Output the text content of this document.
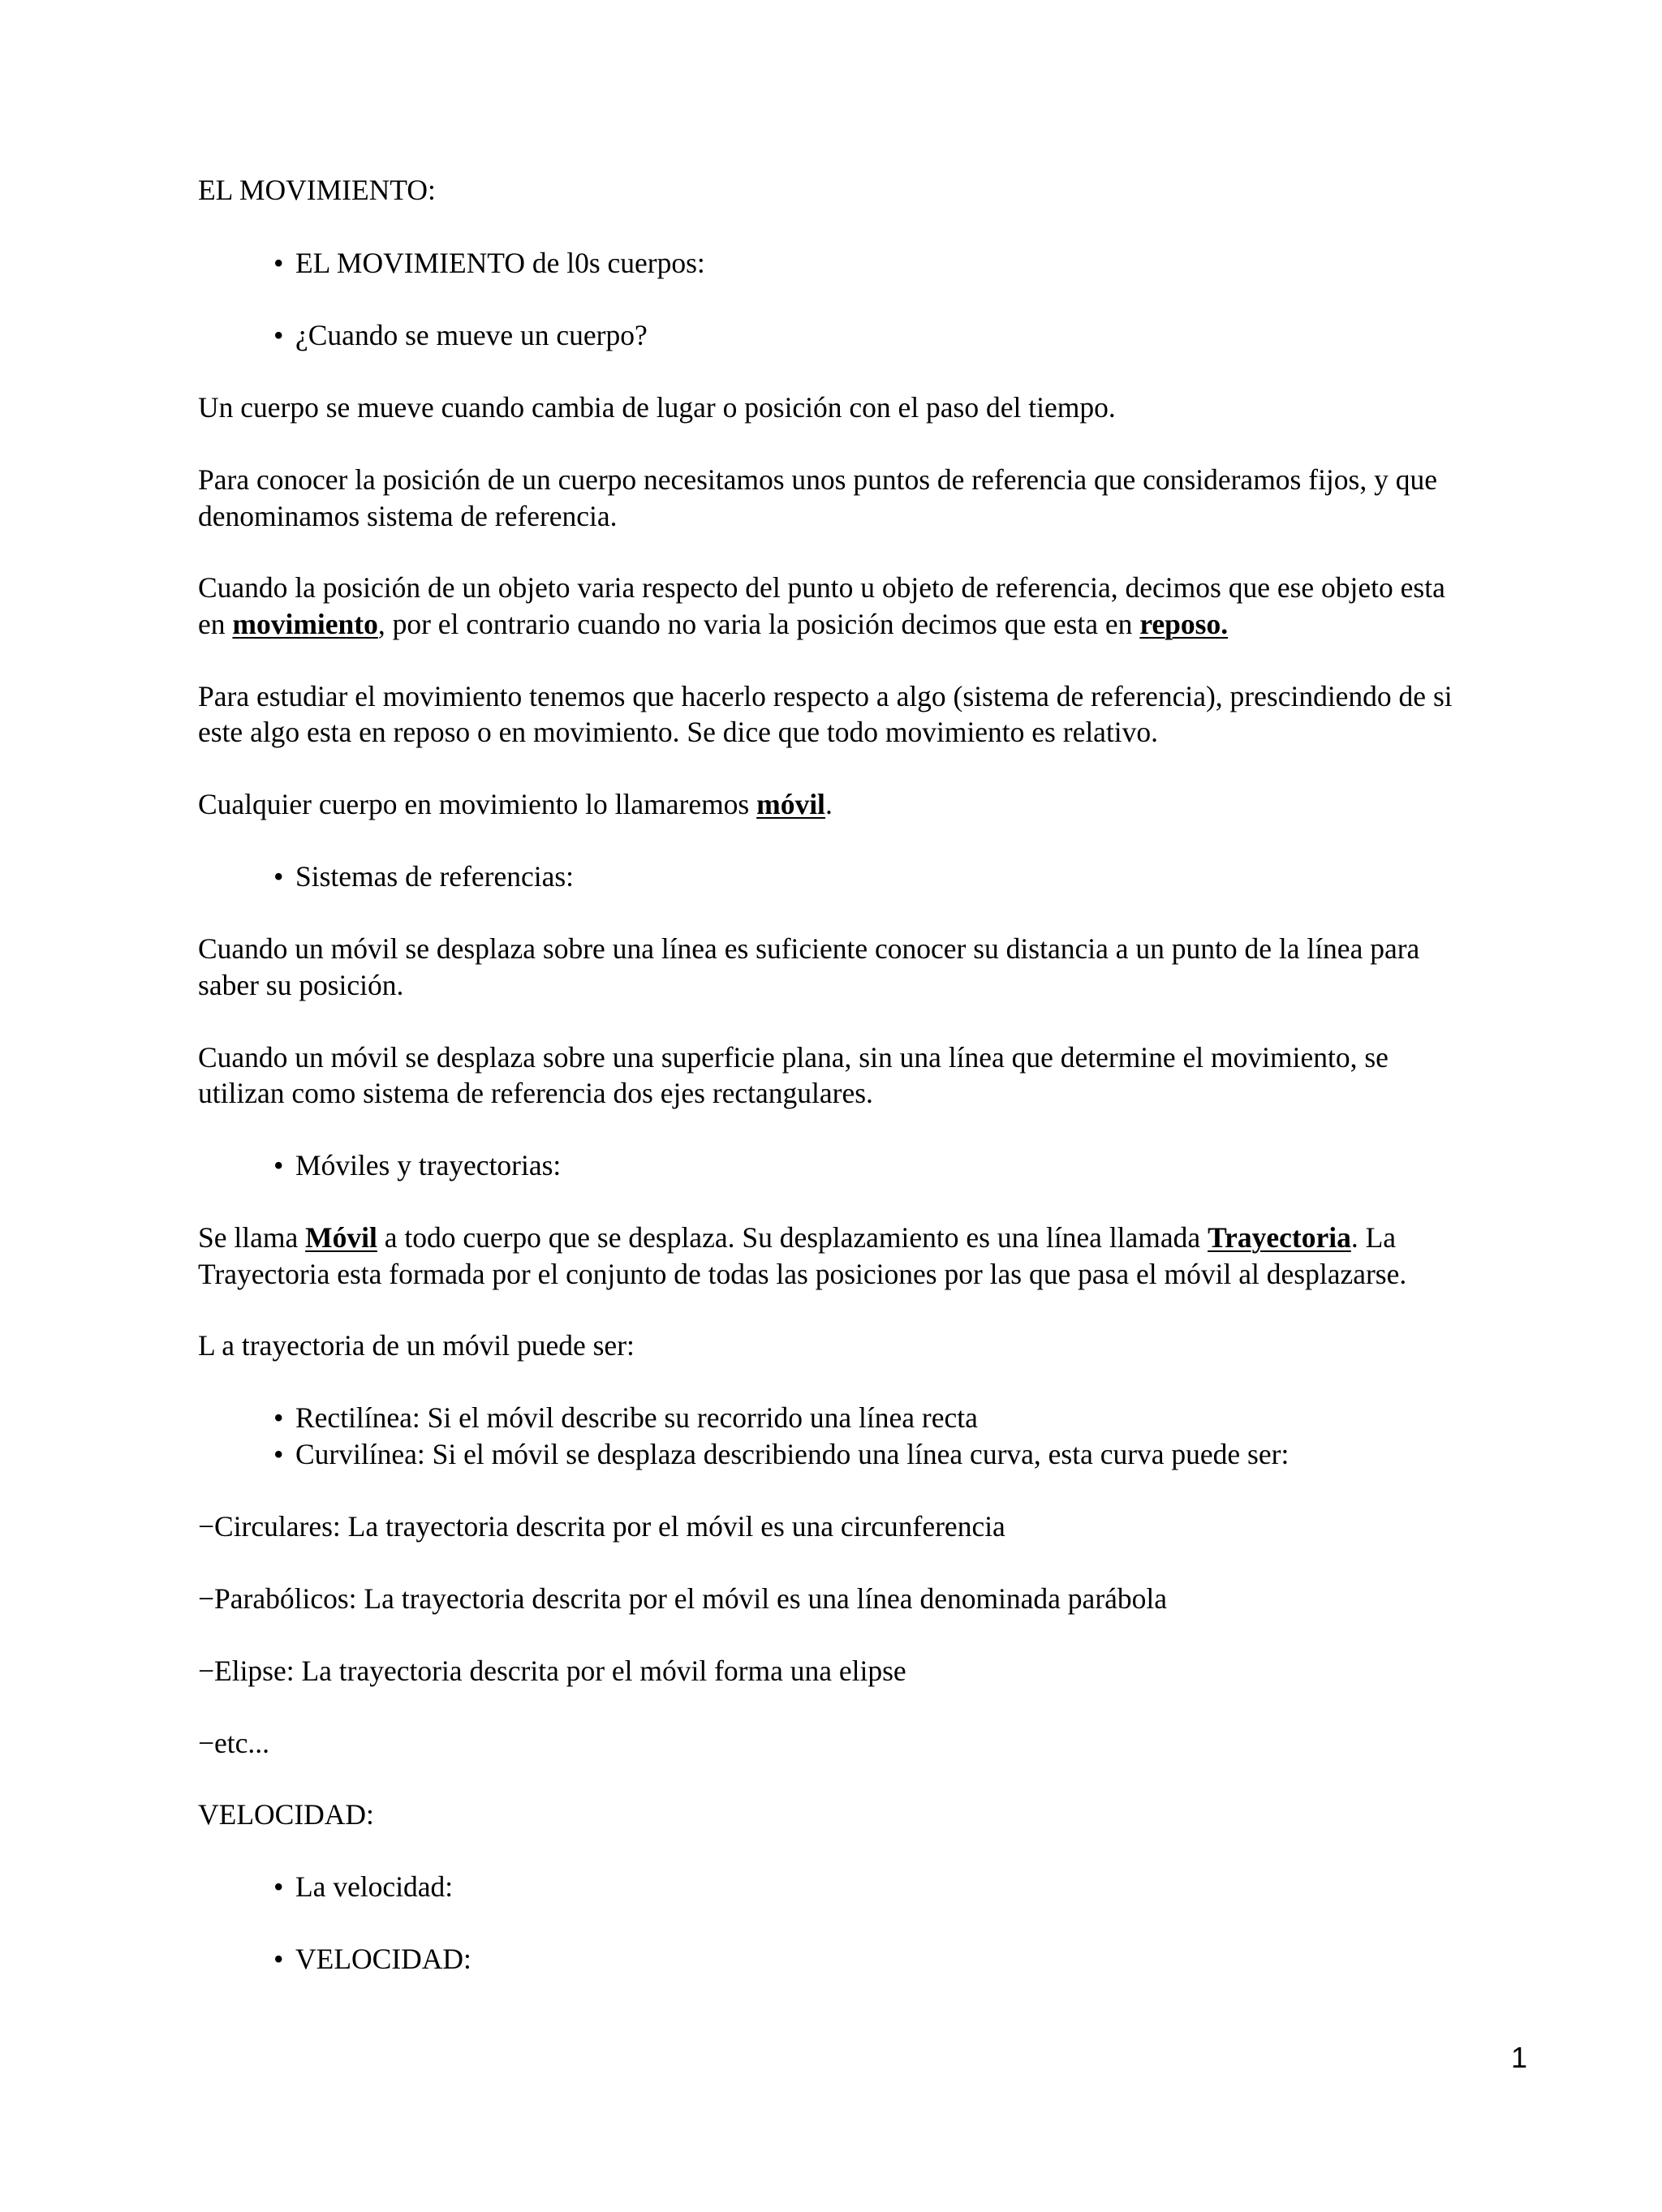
EL MOVIMIENTO:
• EL MOVIMIENTO de l0s cuerpos:
• ¿Cuando se mueve un cuerpo?
Un cuerpo se mueve cuando cambia de lugar o posición con el paso del tiempo.
Para conocer la posición de un cuerpo necesitamos unos puntos de referencia que consideramos fijos, y que
denominamos sistema de referencia.
Cuando la posición de un objeto varia respecto del punto u objeto de referencia, decimos que ese objeto esta
en movimiento, por el contrario cuando no varia la posición decimos que esta en reposo.
Para estudiar el movimiento tenemos que hacerlo respecto a algo (sistema de referencia), prescindiendo de si
este algo esta en reposo o en movimiento. Se dice que todo movimiento es relativo.
Cualquier cuerpo en movimiento lo llamaremos móvil.
• Sistemas de referencias:
Cuando un móvil se desplaza sobre una línea es suficiente conocer su distancia a un punto de la línea para
saber su posición.
Cuando un móvil se desplaza sobre una superficie plana, sin una línea que determine el movimiento, se
utilizan como sistema de referencia dos ejes rectangulares.
• Móviles y trayectorias:
Se llama Móvil a todo cuerpo que se desplaza. Su desplazamiento es una línea llamada Trayectoria. La
Trayectoria esta formada por el conjunto de todas las posiciones por las que pasa el móvil al desplazarse.
L a trayectoria de un móvil puede ser:
• Rectilínea: Si el móvil describe su recorrido una línea recta
• Curvilínea: Si el móvil se desplaza describiendo una línea curva, esta curva puede ser:
−Circulares: La trayectoria descrita por el móvil es una circunferencia
−Parabólicos: La trayectoria descrita por el móvil es una línea denominada parábola
−Elipse: La trayectoria descrita por el móvil forma una elipse
−etc...
VELOCIDAD:
• La velocidad:
• VELOCIDAD:
1
